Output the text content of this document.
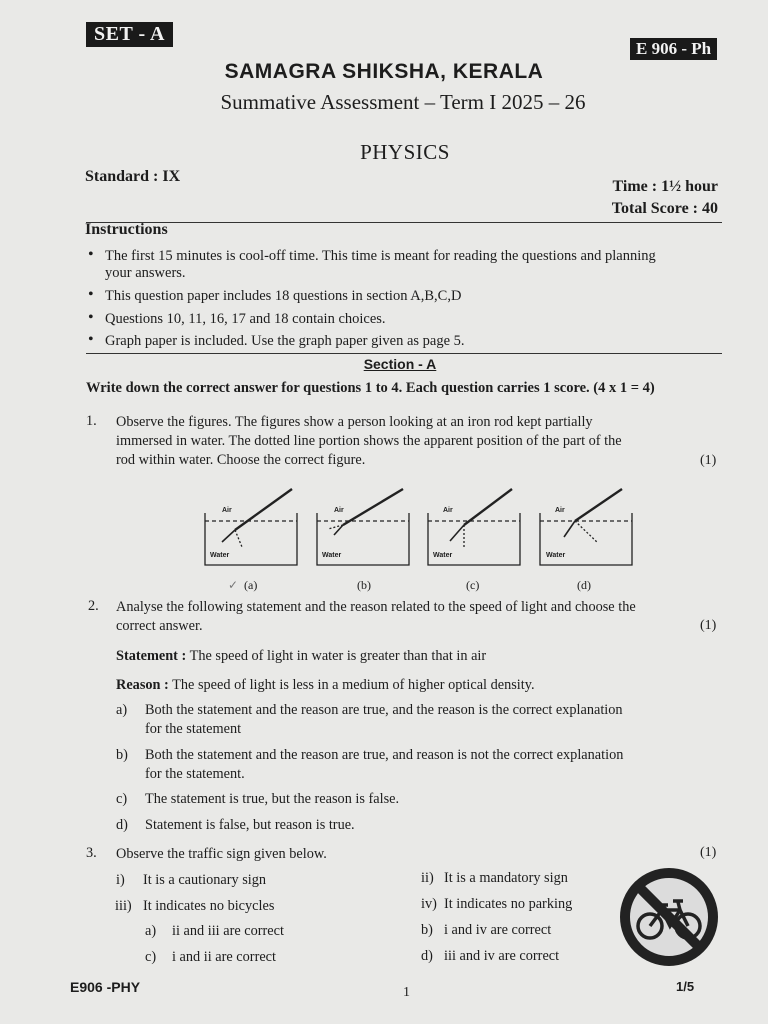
SET - A
E 906 - Ph
SAMAGRA SHIKSHA, KERALA
Summative Assessment – Term I 2025 – 26
PHYSICS
Standard : IX
Time : 1½ hour
Total Score : 40
Instructions
• The first 15 minutes is cool-off time. This time is meant for reading the questions and planning
your answers.
• This question paper includes 18 questions in section A,B,C,D
• Questions 10, 11, 16, 17 and 18 contain choices.
• Graph paper is included. Use the graph paper given as page 5.
Section - A
Write down the correct answer for questions 1 to 4. Each question carries 1 score. (4 x 1 = 4)
1. Observe the figures. The figures show a person looking at an iron rod kept partially
immersed in water. The dotted line portion shows the apparent position of the part of the
rod within water. Choose the correct figure.	(1)
Air
Water
Air
Water
Air
Water
Air
Water
✓ (a)	(b)	(c)	(d)
2. Analyse the following statement and the reason related to the speed of light and choose the
correct answer.	(1)
Statement : The speed of light in water is greater than that in air
Reason : The speed of light is less in a medium of higher optical density.
a) Both the statement and the reason are true, and the reason is the correct explanation
for the statement
b) Both the statement and the reason are true, and reason is not the correct explanation
for the statement.
c) The statement is true, but the reason is false.
d) Statement is false, but reason is true.
3. Observe the traffic sign given below.	(1)
i) It is a cautionary sign	ii) It is a mandatory sign
iii) It indicates no bicycles	iv) It indicates no parking
a) ii and iii are correct	b) i and iv are correct
c) i and ii are correct	d) iii and iv are correct
E906 -PHY	1	1/5
